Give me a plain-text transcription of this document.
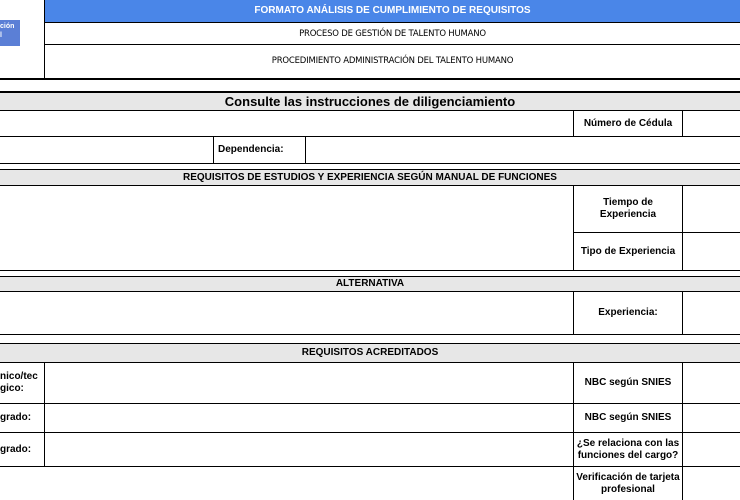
ción
l
FORMATO ANÁLISIS DE CUMPLIMIENTO DE REQUISITOS
PROCESO DE GESTIÓN DE TALENTO HUMANO
PROCEDIMIENTO ADMINISTRACIÓN DEL TALENTO HUMANO
Consulte las instrucciones de diligenciamiento
Número de Cédula
Dependencia:
REQUISITOS DE ESTUDIOS Y EXPERIENCIA SEGÚN MANUAL DE FUNCIONES
Tiempo de Experiencia
Tipo de Experiencia
ALTERNATIVA
Experiencia:
REQUISITOS ACREDITADOS
nico/tec
gico:
NBC según SNIES
grado:	NBC según SNIES
grado:
¿Se relaciona con las funciones del cargo?
Verificación de tarjeta profesional
